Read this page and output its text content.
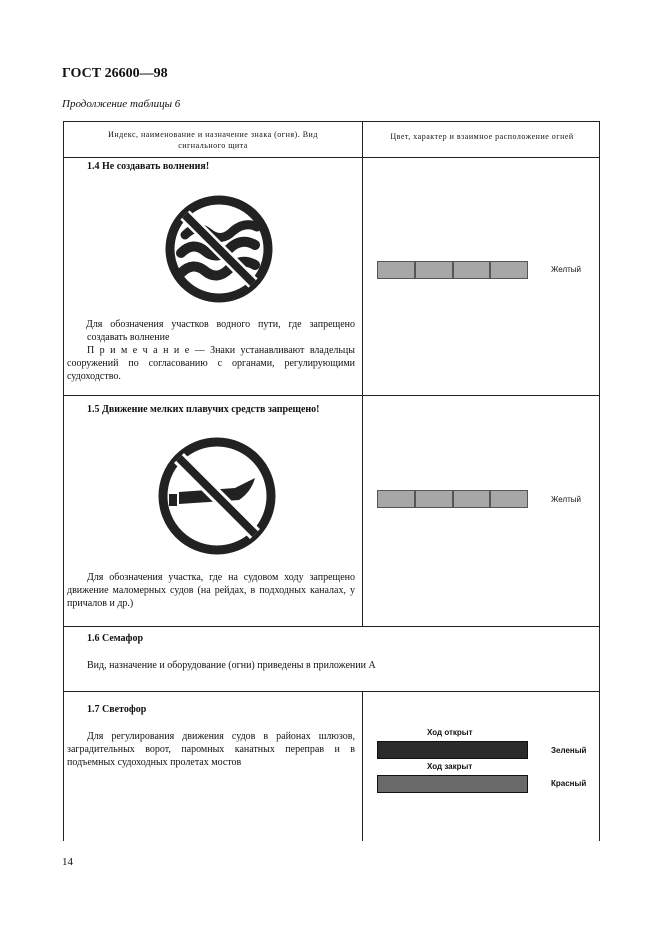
ГОСТ 26600—98
Продолжение таблицы 6
Индекс, наименование и назначение знака (огня). Вид сигнального щита
Цвет, характер и взаимное расположение огней
1.4 Не создавать волнения!
Для обозначения участков водного пути, где запрещено создавать волнение
П р и м е ч а н и е — Знаки устанавливают владельцы сооружений по согласованию с органами, регулирующими судоходство.
Желтый
1.5 Движение мелких плавучих средств запрещено!
Для обозначения участка, где на судовом ходу запрещено движение маломерных судов (на рейдах, в подходных каналах, у причалов и др.)
Желтый
1.6 Семафор
Вид, назначение и оборудование (огни) приведены в приложении А
1.7 Светофор
Для регулирования движения судов в районах шлюзов, заградительных ворот, паромных канатных переправ и в подъемных судоходных пролетах мостов
Ход открыт
Зеленый
Ход закрыт
Красный
14
